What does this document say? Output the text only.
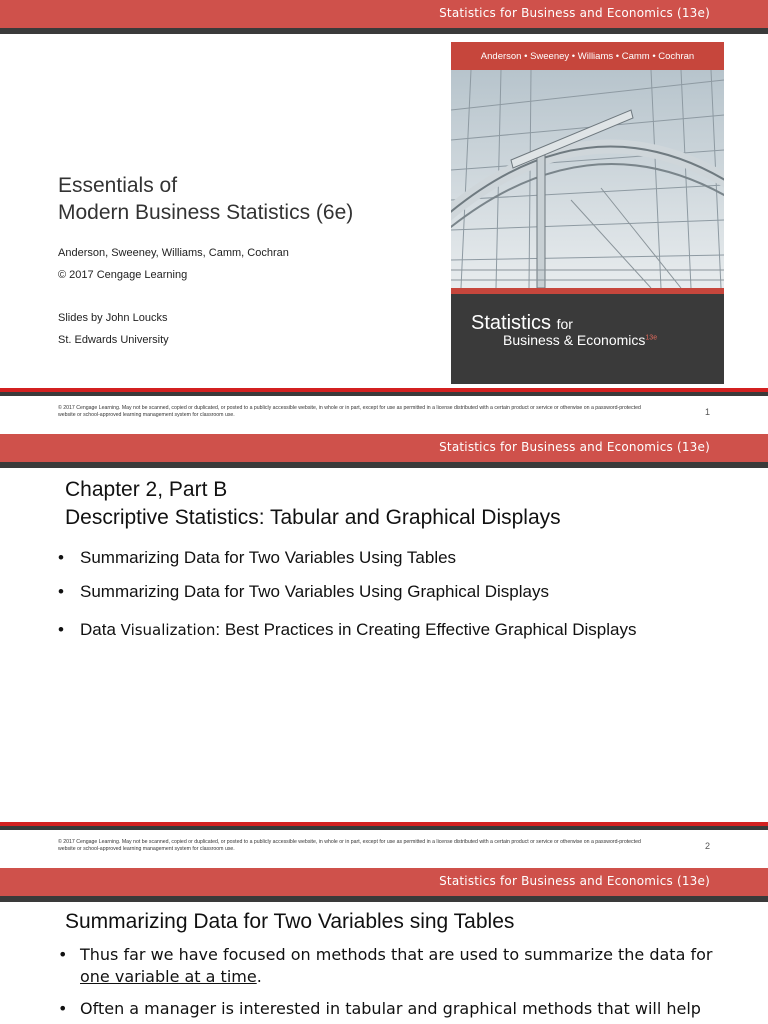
Statistics for Business and Economics (13e)
Essentials of
Modern Business Statistics (6e)
Anderson, Sweeney, Williams, Camm, Cochran
© 2017 Cengage Learning
Slides by John Loucks
St. Edwards University
Anderson • Sweeney • Williams • Camm • Cochran
Statistics for
Business & Economics$^{13e}$
© 2017 Cengage Learning. May not be scanned, copied or duplicated, or posted to a publicly accessible website, in whole or in part, except for use as permitted in a license distributed with a certain product or service or otherwise on a password-protected website or school-approved learning management system for classroom use.	1
Statistics for Business and Economics (13e)
Chapter 2, Part B
Descriptive Statistics: Tabular and Graphical Displays
• Summarizing Data for Two Variables Using Tables
• Summarizing Data for Two Variables Using Graphical Displays
• Data Visualization: Best Practices in Creating Effective Graphical Displays
© 2017 Cengage Learning. May not be scanned, copied or duplicated, or posted to a publicly accessible website, in whole or in part, except for use as permitted in a license distributed with a certain product or service or otherwise on a password-protected website or school-approved learning management system for classroom use.	2
Statistics for Business and Economics (13e)
Summarizing Data for Two Variables sing Tables
• Thus far we have focused on methods that are used to summarize the data for one variable at a time.
• Often a manager is interested in tabular and graphical methods that will help
